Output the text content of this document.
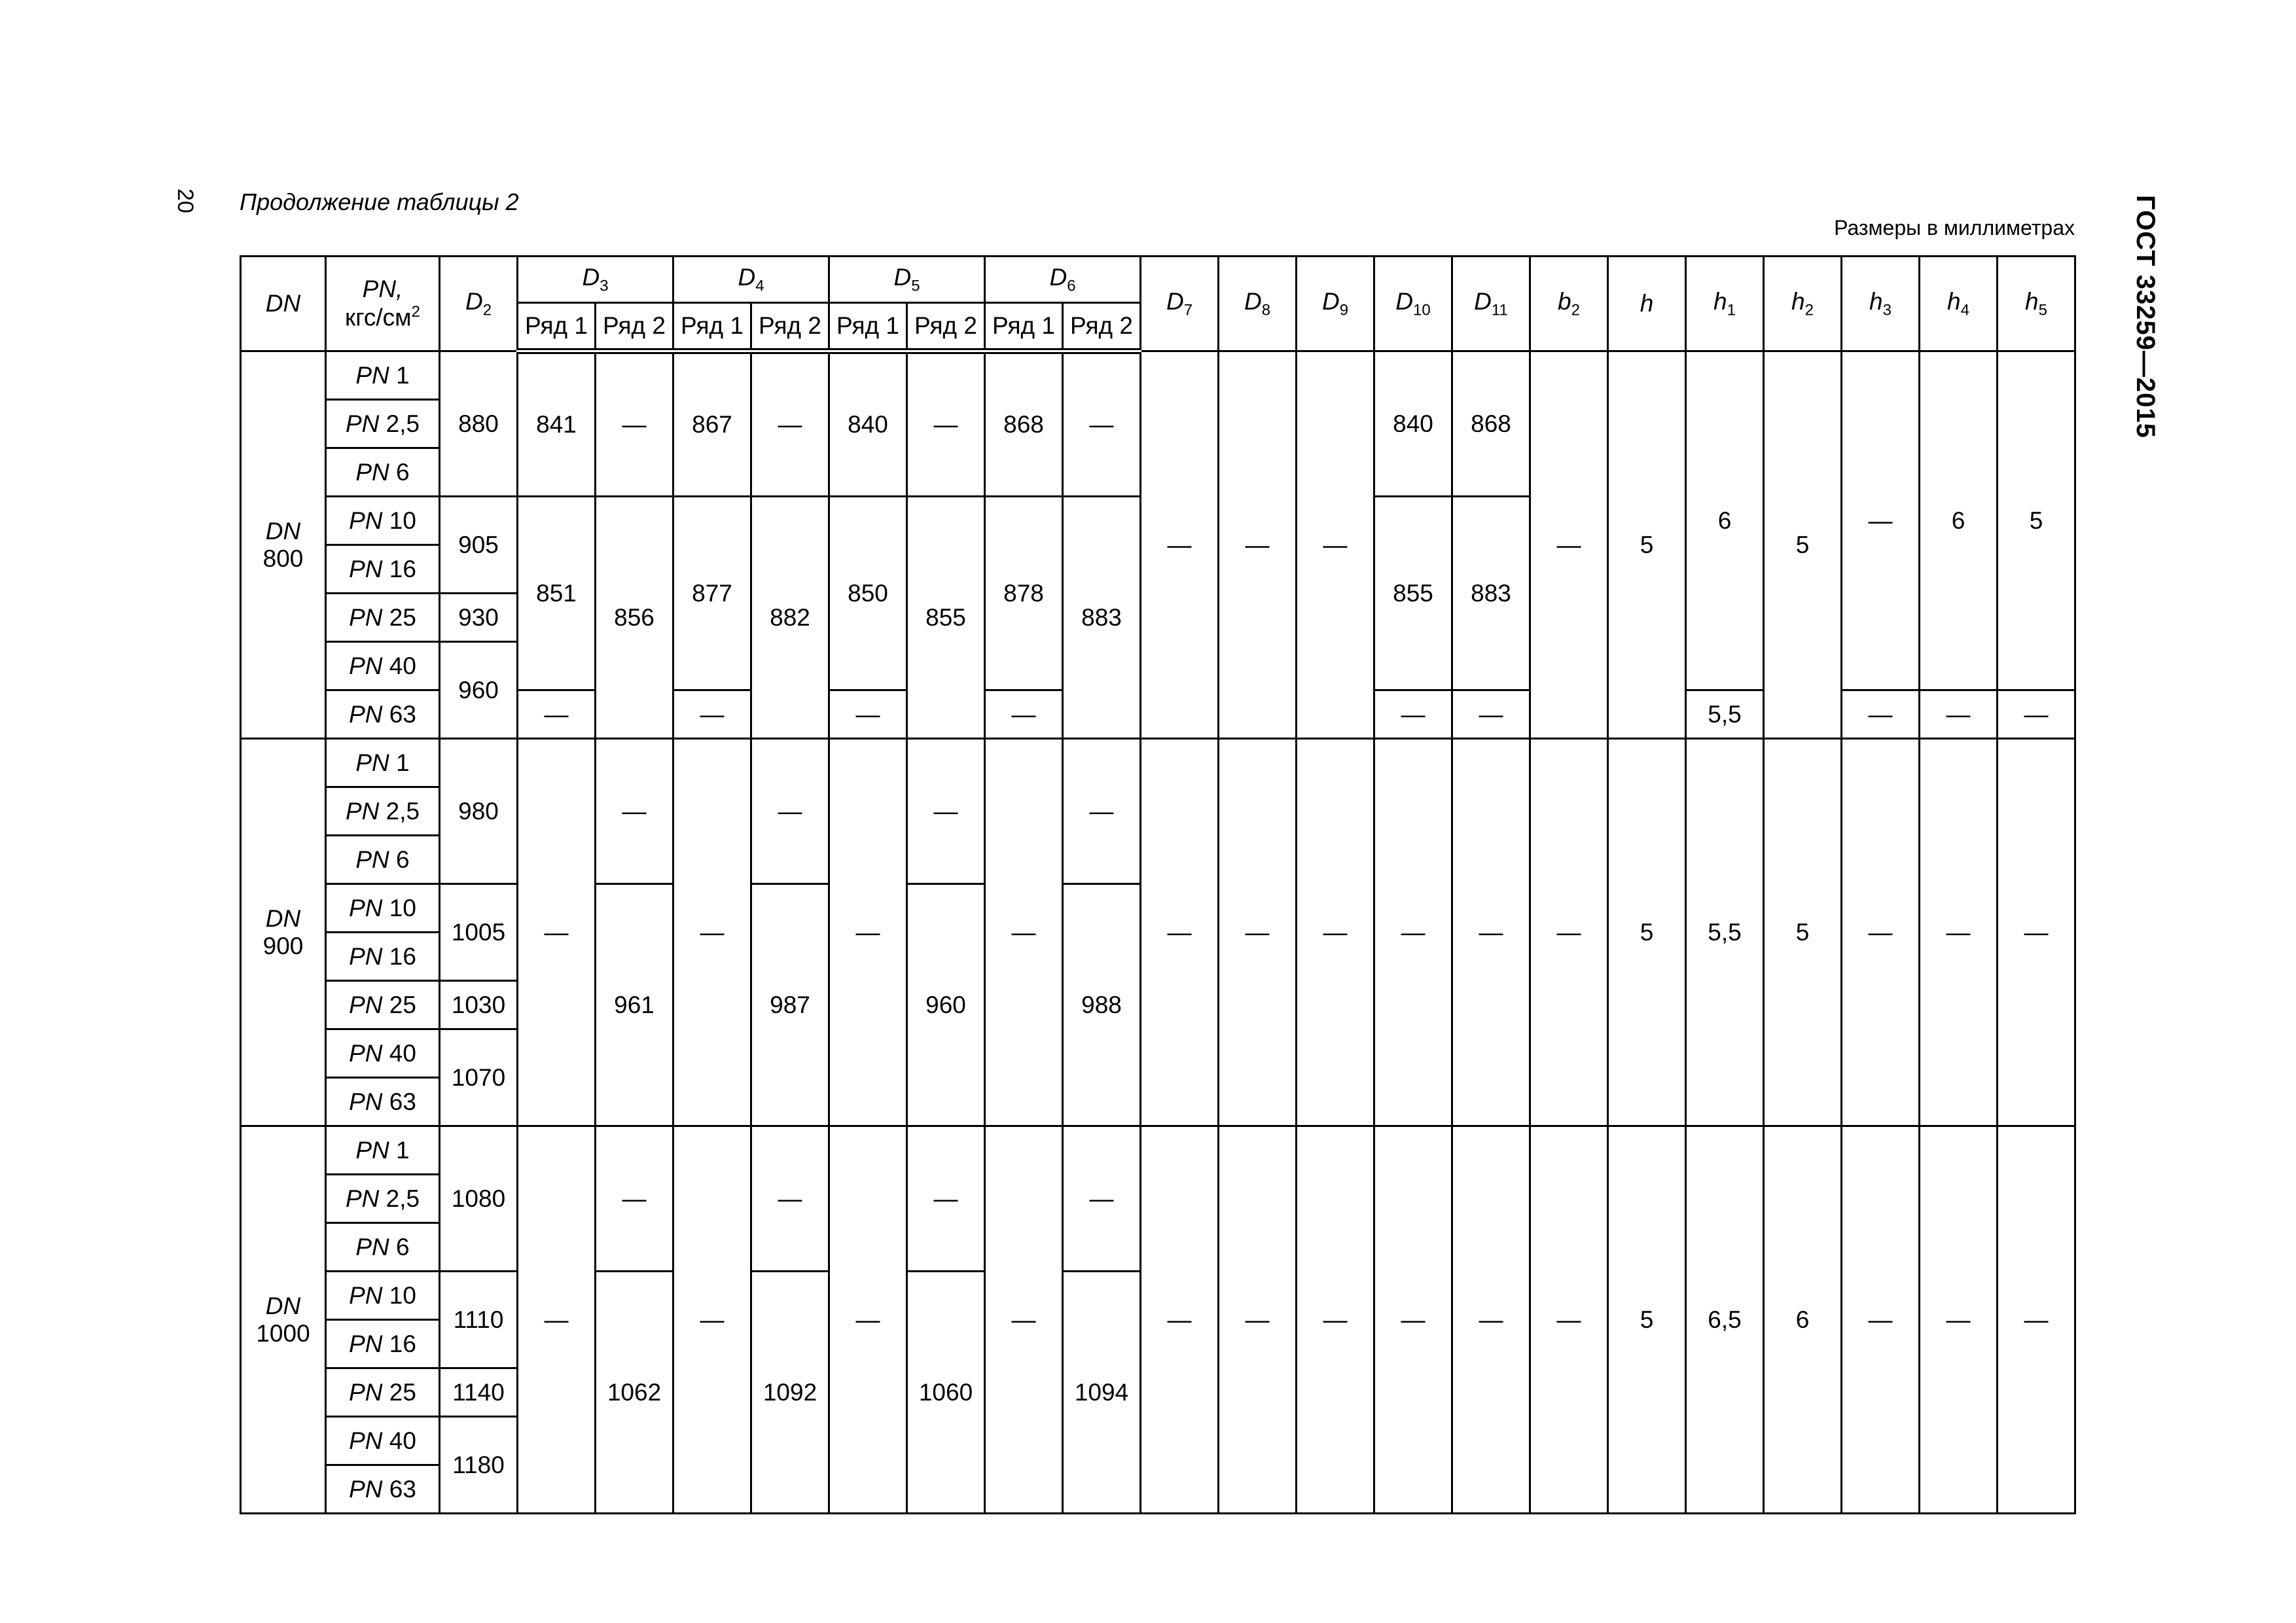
20 Продолжение таблицы 2
Размеры в миллиметрах ГОСТ 33259—2015
DN	PN,
кгс/$см^2$	$D_2$	$D_3$		$D_4$		$D_5$		$D_6$		$D_7$	$D_8$	$D_9$	$D_{10}$	$D_{11}$	$b_2$	h	$h_1$	$h_2$	$h_3$	$h_4$	$h_5$
			Ряд 1	Ряд 2	Ряд 1	Ряд 2	Ряд 1	Ряд 2	Ряд 1	Ряд 2												
DN
800	PN 1	880	841	—	867	—	840	—	868	—	—	—	—	840	868	—	5	6	5	—	6	5
	PN 2,5																					
	PN 6																					
	PN 10	905	851	856	877	882	850	855	878	883				855	883							
	PN 16																					
	PN 25	930																				
	PN 40	960																				
	PN 63		—		—		—		—					—	—			5,5		—	—	—
DN
900	PN 1	980	—	—	—	—	—	—	—	—	—	—	—	—	—	—	5	5,5	5	—	—	—
	PN 2,5																					
	PN 6																					
	PN 10	1005		961		987		960		988												
	PN 16																					
	PN 25	1030																				
	PN 40	1070																				
	PN 63																					
DN
1000	PN 1	1080	—	—	—	—	—	—	—	—	—	—	—	—	—	—	5	6,5	6	—	—	—
	PN 2,5																					
	PN 6																					
	PN 10	1110		1062		1092		1060		1094												
	PN 16																					
	PN 25	1140																				
	PN 40	1180																				
	PN 63																					
